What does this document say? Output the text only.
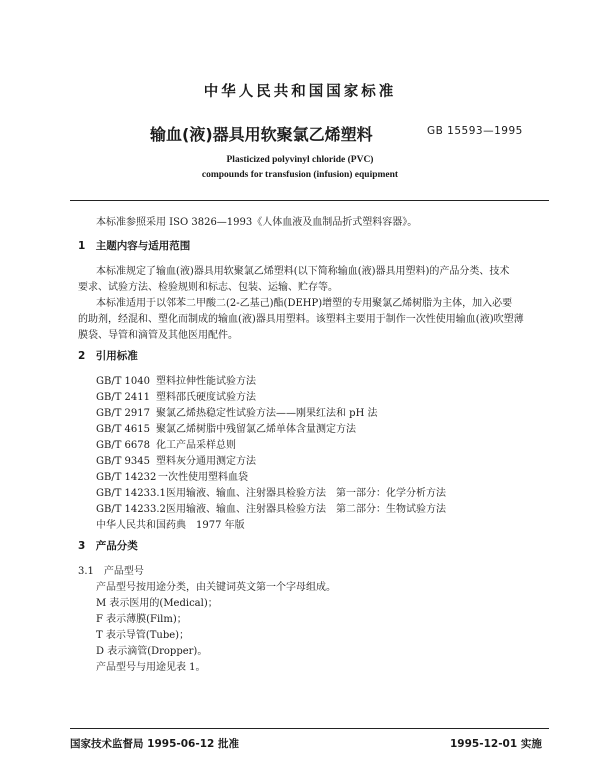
中华人民共和国国家标准
输血(液)器具用软聚氯乙烯塑料	GB 15593—1995
Plasticized polyvinyl chloride (PVC)
compounds for transfusion (infusion) equipment
本标准参照采用 ISO 3826—1993《人体血液及血制品折式塑料容器》。
1　主题内容与适用范围
本标准规定了输血(液)器具用软聚氯乙烯塑料(以下简称输血(液)器具用塑料)的产品分类、技术
要求、试验方法、检验规则和标志、包装、运输、贮存等。
本标准适用于以邻苯二甲酸二(2-乙基己)酯(DEHP)增塑的专用聚氯乙烯树脂为主体，加入必要
的助剂，经混和、塑化而制成的输血(液)器具用塑料。该塑料主要用于制作一次性使用输血(液)吹塑薄
膜袋、导管和滴管及其他医用配件。
2　引用标准
GB/T 1040 塑料拉伸性能试验方法
GB/T 2411 塑料邵氏硬度试验方法
GB/T 2917 聚氯乙烯热稳定性试验方法——刚果红法和 pH 法
GB/T 4615 聚氯乙烯树脂中残留氯乙烯单体含量测定方法
GB/T 6678 化工产品采样总则
GB/T 9345 塑料灰分通用测定方法
GB/T 14232 一次性使用塑料血袋
GB/T 14233.1医用输液、输血、注射器具检验方法　第一部分：化学分析方法
GB/T 14233.2医用输液、输血、注射器具检验方法　第二部分：生物试验方法
中华人民共和国药典　1977 年版
3　产品分类
3.1　产品型号
产品型号按用途分类，由关键词英文第一个字母组成。
M 表示医用的(Medical)；
F 表示薄膜(Film)；
T 表示导管(Tube)；
D 表示滴管(Dropper)。
产品型号与用途见表 1。
国家技术监督局 1995-06-12 批准	1995-12-01 实施
